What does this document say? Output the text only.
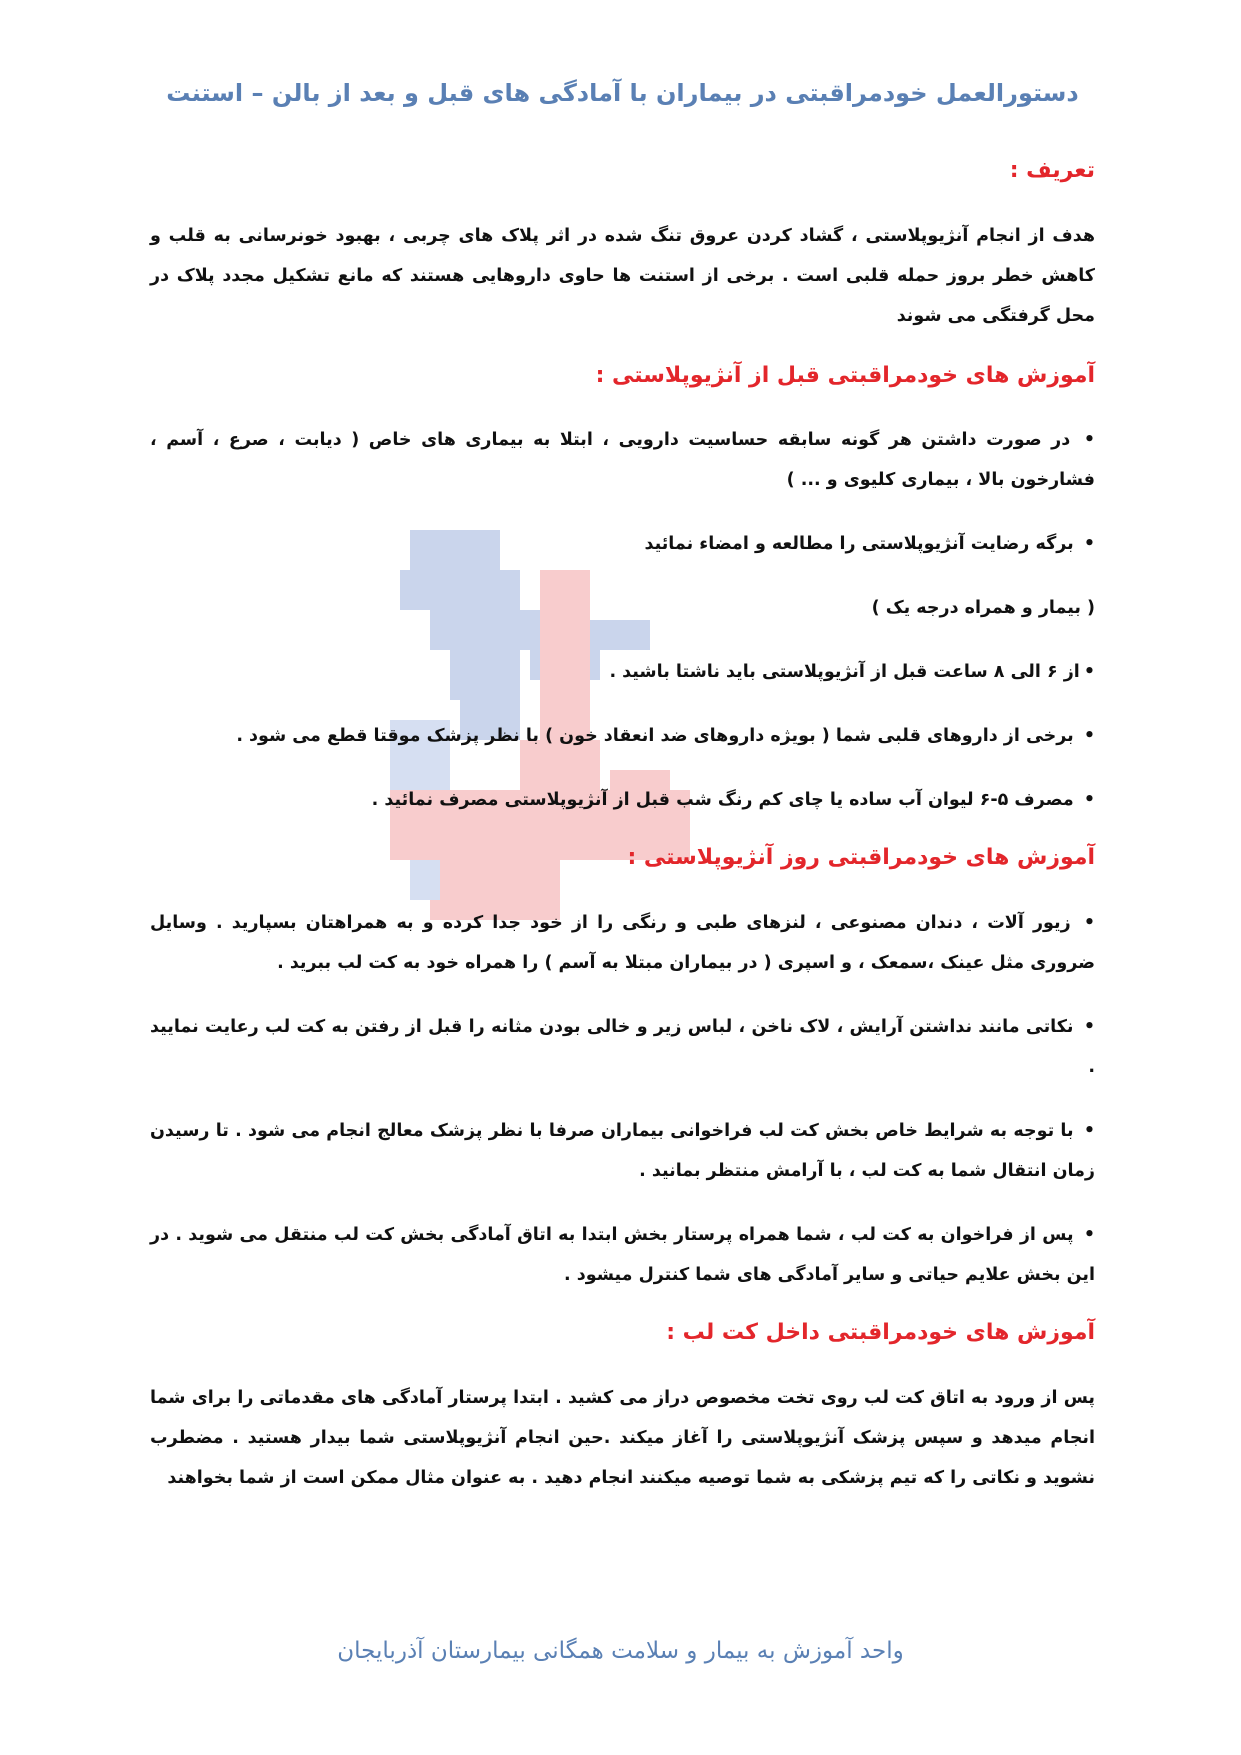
دستورالعمل خودمراقبتی در بیماران با آمادگی های قبل و بعد از بالن – استنت
تعریف :

هدف از انجام آنژیوپلاستی ، گشاد کردن عروق تنگ شده در اثر پلاک های چربی ، بهبود خونرسانی به قلب و کاهش خطر بروز حمله قلبی است . برخی از استنت ها حاوی داروهایی هستند که مانع تشکیل مجدد پلاک در محل گرفتگی می شوند

آموزش های خودمراقبتی قبل از آنژیوپلاستی :

• در صورت داشتن هر گونه سابقه حساسیت دارویی ، ابتلا به بیماری های خاص ( دیابت ، صرع ، آسم ، فشارخون بالا ، بیماری کلیوی و ... )

• برگه رضایت آنژیوپلاستی را مطالعه و امضاء نمائید

( بیمار و همراه درجه یک )

•از ۶ الی ۸ ساعت قبل از آنژیوپلاستی باید ناشتا باشید .

• برخی از داروهای قلبی شما ( بویژه داروهای ضد انعقاد خون ) با نظر پزشک موقتا قطع می شود .

• مصرف ۵-۶ لیوان آب ساده یا چای کم رنگ شب قبل از آنژیوپلاستی مصرف نمائید .

آموزش های خودمراقبتی روز آنژیوپلاستی :

• زیور آلات ، دندان مصنوعی ، لنزهای طبی و رنگی را از خود جدا کرده و به همراهتان بسپارید . وسایل ضروری مثل عینک ،سمعک ، و اسپری ( در بیماران مبتلا به آسم ) را همراه خود به کت لب ببرید .

• نکاتی مانند نداشتن آرایش ، لاک ناخن ، لباس زیر و خالی بودن مثانه را قبل از رفتن به کت لب رعایت نمایید .

• با توجه به شرایط خاص بخش کت لب فراخوانی بیماران صرفا با نظر پزشک معالج انجام می شود . تا رسیدن زمان انتقال شما به کت لب ، با آرامش منتظر بمانید .

• پس از فراخوان به کت لب ، شما همراه پرستار بخش ابتدا به اتاق آمادگی بخش کت لب منتقل می شوید . در این بخش علایم حیاتی و سایر آمادگی های شما کنترل میشود .

آموزش های خودمراقبتی داخل کت لب :

پس از ورود به اتاق کت لب روی تخت مخصوص دراز می کشید . ابتدا پرستار آمادگی های مقدماتی را برای شما انجام میدهد و سپس پزشک آنژیوپلاستی را آغاز میکند .حین انجام آنژیوپلاستی شما بیدار هستید . مضطرب نشوید و نکاتی را که تیم پزشکی به شما توصیه میکنند انجام دهید . به عنوان مثال ممکن است از شما بخواهند

واحد آموزش به بیمار و سلامت همگانی بیمارستان آذربایجان
